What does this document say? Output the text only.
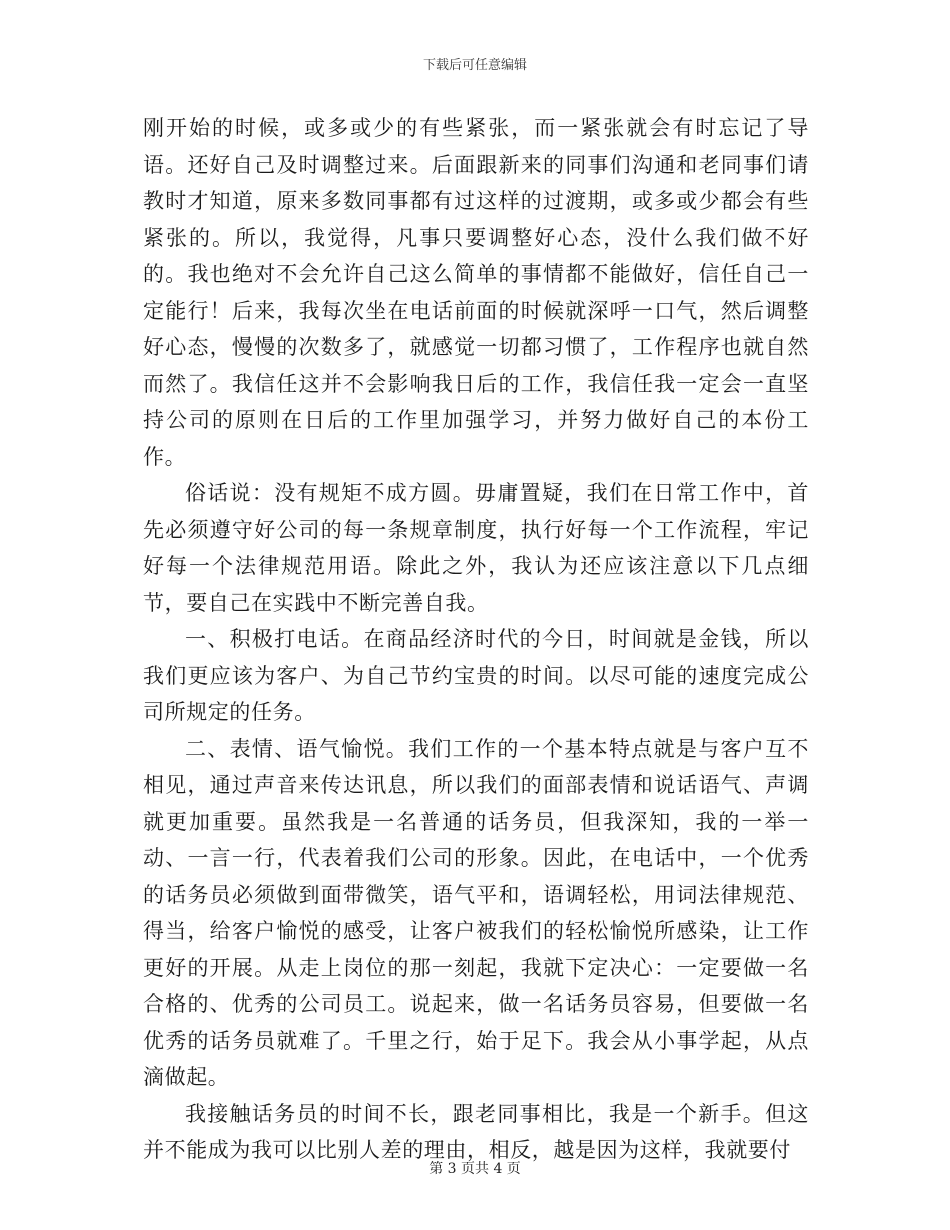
下载后可任意编辑

刚开始的时候，或多或少的有些紧张，而一紧张就会有时忘记了导语。还好自己及时调整过来。后面跟新来的同事们沟通和老同事们请教时才知道，原来多数同事都有过这样的过渡期，或多或少都会有些紧张的。所以，我觉得，凡事只要调整好心态，没什么我们做不好的。我也绝对不会允许自己这么简单的事情都不能做好，信任自己一定能行！后来，我每次坐在电话前面的时候就深呼一口气，然后调整好心态，慢慢的次数多了，就感觉一切都习惯了，工作程序也就自然而然了。我信任这并不会影响我日后的工作，我信任我一定会一直坚持公司的原则在日后的工作里加强学习，并努力做好自己的本份工作。

俗话说：没有规矩不成方圆。毋庸置疑，我们在日常工作中，首先必须遵守好公司的每一条规章制度，执行好每一个工作流程，牢记好每一个法律规范用语。除此之外，我认为还应该注意以下几点细节，要自己在实践中不断完善自我。

一、积极打电话。在商品经济时代的今日，时间就是金钱，所以我们更应该为客户、为自己节约宝贵的时间。以尽可能的速度完成公司所规定的任务。

二、表情、语气愉悦。我们工作的一个基本特点就是与客户互不相见，通过声音来传达讯息，所以我们的面部表情和说话语气、声调就更加重要。虽然我是一名普通的话务员，但我深知，我的一举一动、一言一行，代表着我们公司的形象。因此，在电话中，一个优秀的话务员必须做到面带微笑，语气平和，语调轻松，用词法律规范、得当，给客户愉悦的感受，让客户被我们的轻松愉悦所感染，让工作更好的开展。从走上岗位的那一刻起，我就下定决心：一定要做一名合格的、优秀的公司员工。说起来，做一名话务员容易，但要做一名优秀的话务员就难了。千里之行，始于足下。我会从小事学起，从点滴做起。

我接触话务员的时间不长，跟老同事相比，我是一个新手。但这并不能成为我可以比别人差的理由，相反，越是因为这样，我就要付

第 3 页共 4 页
